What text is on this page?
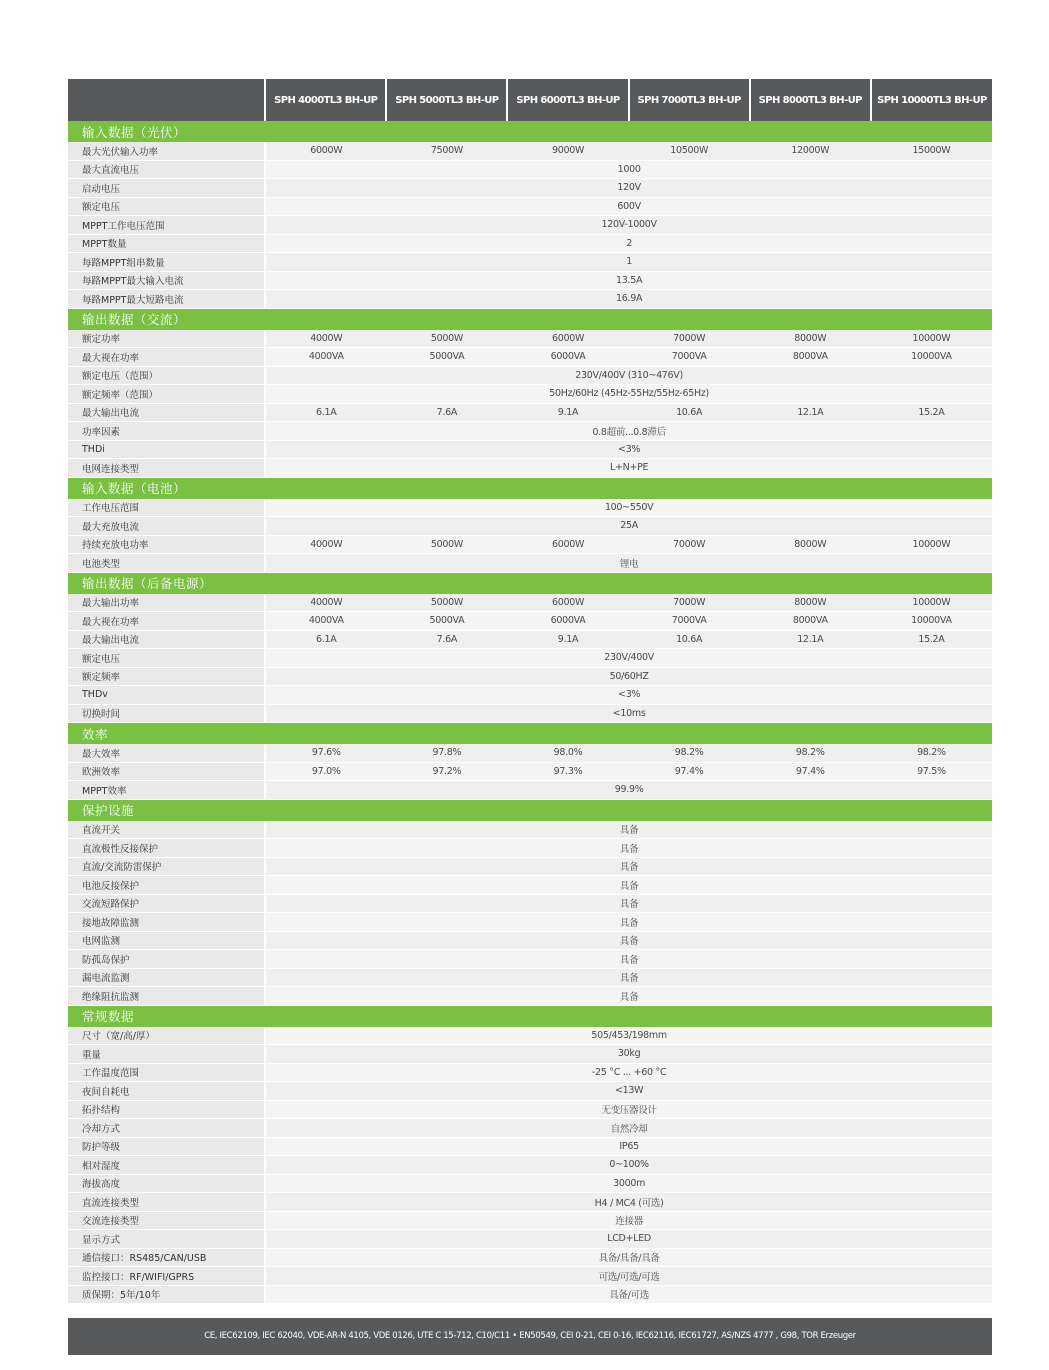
	SPH 4000TL3 BH-UP	SPH 5000TL3 BH-UP	SPH 6000TL3 BH-UP	SPH 7000TL3 BH-UP	SPH 8000TL3 BH-UP	SPH 10000TL3 BH-UP
输入数据（光伏）						
最大光伏输入功率	6000W	7500W	9000W	10500W	12000W	15000W
最大直流电压	1000					
启动电压	120V					
额定电压	600V					
MPPT工作电压范围	120V-1000V					
MPPT数量	2					
每路MPPT组串数量	1					
每路MPPT最大输入电流	13.5A					
每路MPPT最大短路电流	16.9A					
输出数据（交流）						
额定功率	4000W	5000W	6000W	7000W	8000W	10000W
最大视在功率	4000VA	5000VA	6000VA	7000VA	8000VA	10000VA
额定电压（范围）	230V/400V (310~476V)					
额定频率（范围）	50Hz/60Hz (45Hz-55Hz/55Hz-65Hz)					
最大输出电流	6.1A	7.6A	9.1A	10.6A	12.1A	15.2A
功率因素	0.8超前...0.8滞后					
THDi	<3%					
电网连接类型	L+N+PE					
输入数据（电池）						
工作电压范围	100~550V					
最大充放电流	25A					
持续充放电功率	4000W	5000W	6000W	7000W	8000W	10000W
电池类型	锂电					
输出数据（后备电源）						
最大输出功率	4000W	5000W	6000W	7000W	8000W	10000W
最大视在功率	4000VA	5000VA	6000VA	7000VA	8000VA	10000VA
最大输出电流	6.1A	7.6A	9.1A	10.6A	12.1A	15.2A
额定电压	230V/400V					
额定频率	50/60HZ					
THDv	<3%					
切换时间	<10ms					
效率						
最大效率	97.6%	97.8%	98.0%	98.2%	98.2%	98.2%
欧洲效率	97.0%	97.2%	97.3%	97.4%	97.4%	97.5%
MPPT效率	99.9%					
保护设施						
直流开关	具备					
直流极性反接保护	具备					
直流/交流防雷保护	具备					
电池反接保护	具备					
交流短路保护	具备					
接地故障监测	具备					
电网监测	具备					
防孤岛保护	具备					
漏电流监测	具备					
绝缘阻抗监测	具备					
常规数据						
尺寸（宽/高/厚）	505/453/198mm					
重量	30kg					
工作温度范围	-25 °C ... +60 °C					
夜间自耗电	<13W					
拓扑结构	无变压器设计					
冷却方式	自然冷却					
防护等级	IP65					
相对湿度	0~100%					
海拔高度	3000m					
直流连接类型	H4 / MC4 (可选)					
交流连接类型	连接器					
显示方式	LCD+LED					
通信接口：RS485/CAN/USB	具备/具备/具备					
监控接口：RF/WIFI/GPRS	可选/可选/可选					
质保期：5年/10年	具备/可选					
CE, IEC62109, IEC 62040, VDE-AR-N 4105, VDE 0126, UTE C 15-712, C10/C11 • EN50549, CEI 0-21, CEI 0-16, IEC62116, IEC61727, AS/NZS 4777 , G98, TOR Erzeuger
